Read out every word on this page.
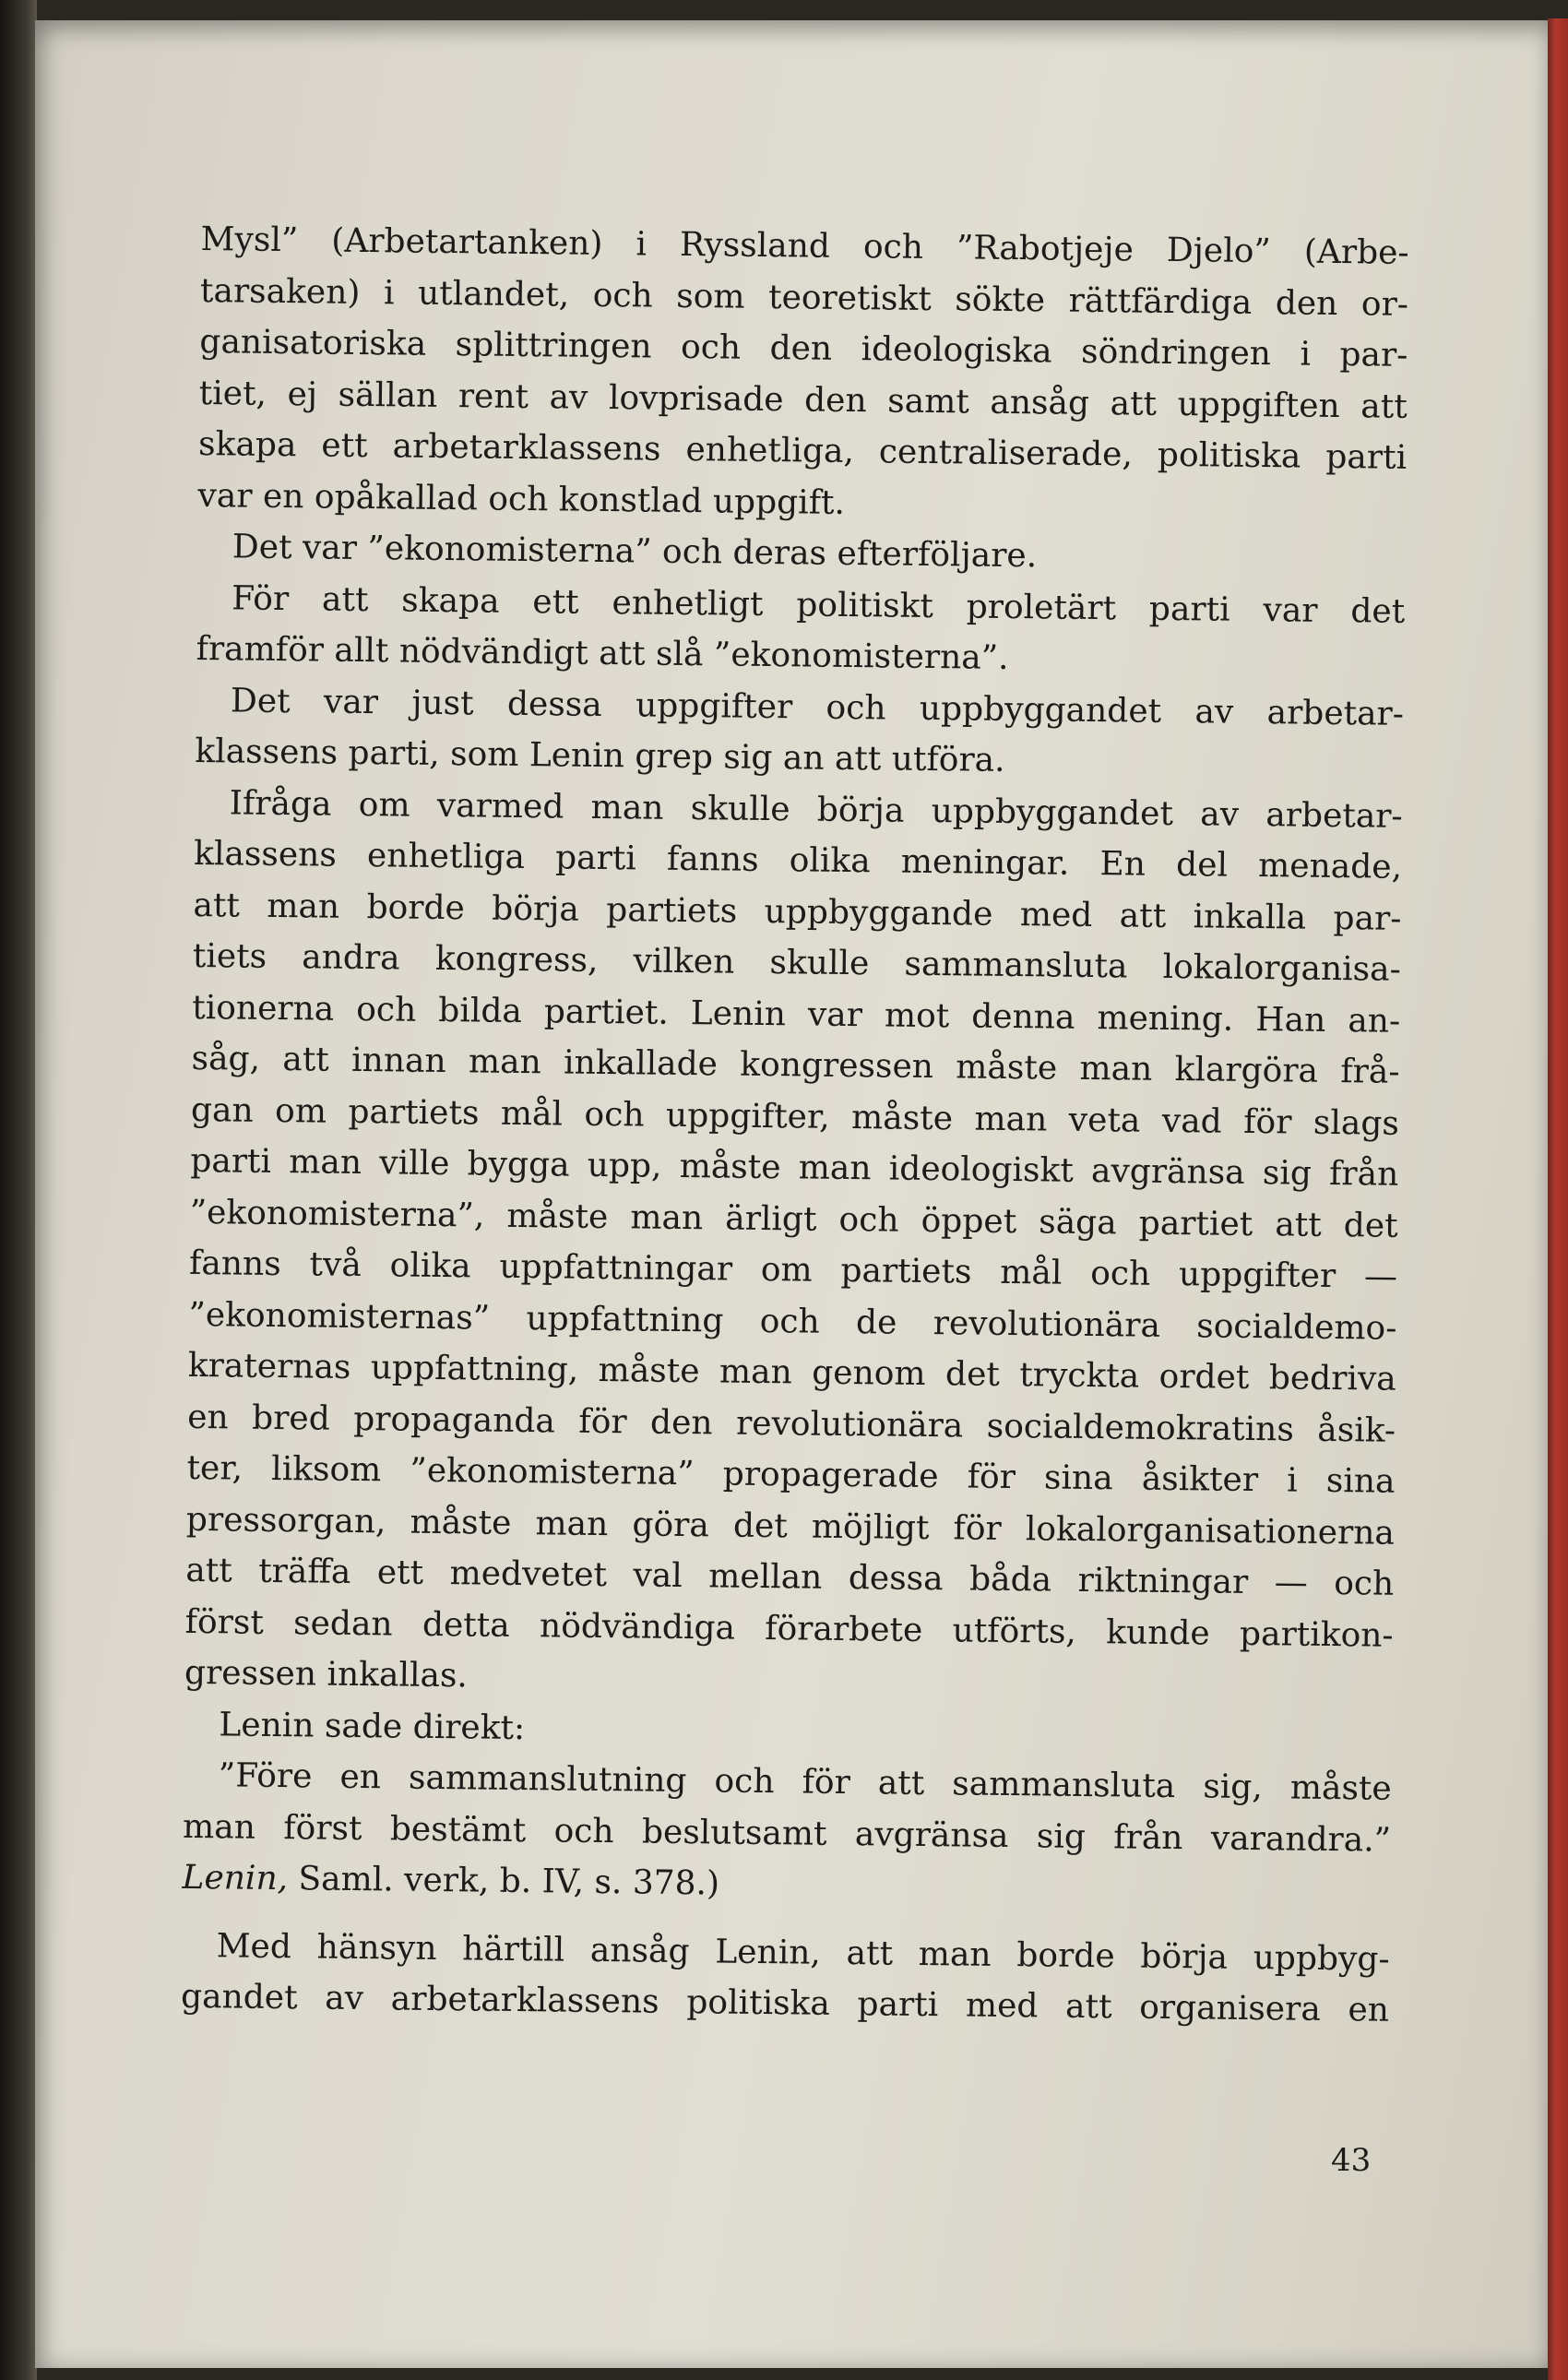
Mysl” (Arbetartanken) i Ryssland och ”Rabotjeje Djelo” (Arbe-
tarsaken) i utlandet, och som teoretiskt sökte rättfärdiga den or-
ganisatoriska splittringen och den ideologiska söndringen i par-
tiet, ej sällan rent av lovprisade den samt ansåg att uppgiften att
skapa ett arbetarklassens enhetliga, centraliserade, politiska parti
var en opåkallad och konstlad uppgift.
Det var ”ekonomisterna” och deras efterföljare.
För att skapa ett enhetligt politiskt proletärt parti var det
framför allt nödvändigt att slå ”ekonomisterna”.
Det var just dessa uppgifter och uppbyggandet av arbetar-
klassens parti, som Lenin grep sig an att utföra.
Ifråga om varmed man skulle börja uppbyggandet av arbetar-
klassens enhetliga parti fanns olika meningar. En del menade,
att man borde börja partiets uppbyggande med att inkalla par-
tiets andra kongress, vilken skulle sammansluta lokalorganisa-
tionerna och bilda partiet. Lenin var mot denna mening. Han an-
såg, att innan man inkallade kongressen måste man klargöra frå-
gan om partiets mål och uppgifter, måste man veta vad för slags
parti man ville bygga upp, måste man ideologiskt avgränsa sig från
”ekonomisterna”, måste man ärligt och öppet säga partiet att det
fanns två olika uppfattningar om partiets mål och uppgifter —
”ekonomisternas” uppfattning och de revolutionära socialdemo-
kraternas uppfattning, måste man genom det tryckta ordet bedriva
en bred propaganda för den revolutionära socialdemokratins åsik-
ter, liksom ”ekonomisterna” propagerade för sina åsikter i sina
pressorgan, måste man göra det möjligt för lokalorganisationerna
att träffa ett medvetet val mellan dessa båda riktningar — och
först sedan detta nödvändiga förarbete utförts, kunde partikon-
gressen inkallas.
Lenin sade direkt:
”Före en sammanslutning och för att sammansluta sig, måste
man först bestämt och beslutsamt avgränsa sig från varandra.”
Lenin, Saml. verk, b. IV, s. 378.)
Med hänsyn härtill ansåg Lenin, att man borde börja uppbyg-
gandet av arbetarklassens politiska parti med att organisera en
43
